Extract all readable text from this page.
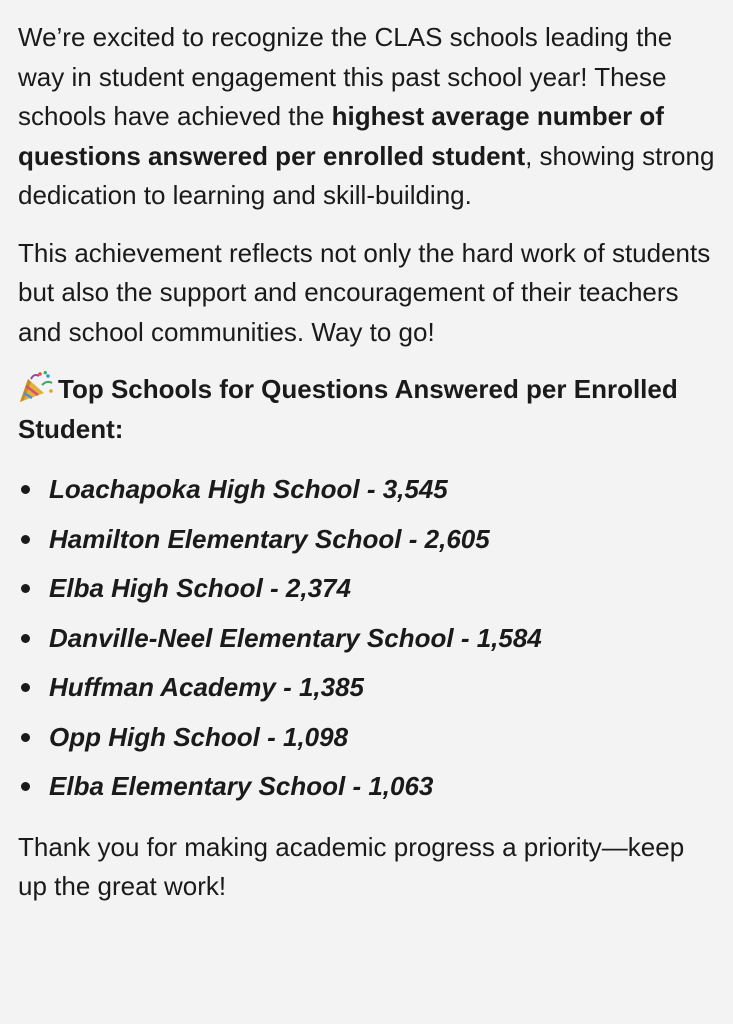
We’re excited to recognize the CLAS schools leading the way in student engagement this past school year! These schools have achieved the highest average number of questions answered per enrolled student, showing strong dedication to learning and skill-building.

This achievement reflects not only the hard work of students but also the support and encouragement of their teachers and school communities. Way to go!

Top Schools for Questions Answered per Enrolled Student:

Loachapoka High School - 3,545
Hamilton Elementary School - 2,605
Elba High School - 2,374
Danville-Neel Elementary School - 1,584
Huffman Academy - 1,385
Opp High School - 1,098
Elba Elementary School - 1,063

Thank you for making academic progress a priority—keep up the great work!
